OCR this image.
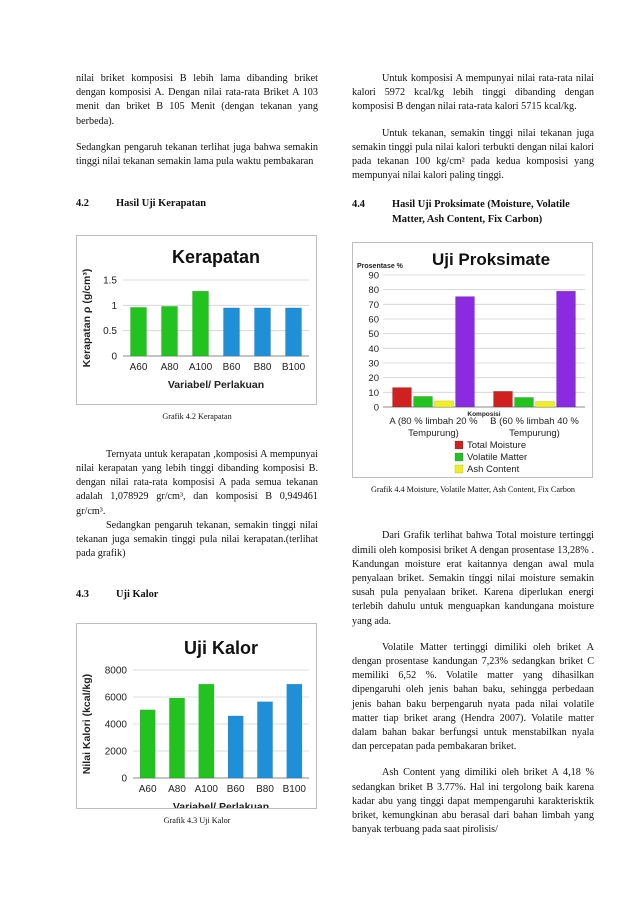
nilai briket komposisi B lebih lama dibanding briket dengan komposisi A. Dengan nilai rata-rata Briket A 103 menit dan briket B 105 Menit (dengan tekanan yang berbeda).

Sedangkan pengaruh tekanan terlihat juga bahwa semakin tinggi nilai tekanan semakin lama pula waktu pembakaran

4.2	Hasil Uji Kerapatan
Kerapatan
0
0.5
1
1.5
A60 A80 A100 B60 B80 B100
Variabel/ Perlakuan
Kerapatan ρ (g/cm³)
Grafik 4.2 Kerapatan

Ternyata untuk kerapatan ,komposisi A mempunyai nilai kerapatan yang lebih tinggi dibanding komposisi B. dengan nilai rata-rata komposisi A pada semua tekanan adalah 1,078929 gr/cm³, dan komposisi B 0,949461 gr/cm³.

Sedangkan pengaruh tekanan, semakin tinggi nilai tekanan juga semakin tinggi pula nilai kerapatan.(terlihat pada grafik)

4.3	Uji Kalor
Uji Kalor
0
2000
4000
6000
8000
A60 A80 A100 B60 B80 B100
Variabel/ Perlakuan
Nilai Kalori (kcal/kg)
Grafik 4.3 Uji Kalor

Untuk komposisi A mempunyai nilai rata-rata nilai kalori 5972 kcal/kg lebih tinggi dibanding dengan komposisi B dengan nilai rata-rata kalori 5715 kcal/kg.

Untuk tekanan, semakin tinggi nilai tekanan juga semakin tinggi pula nilai kalori terbukti dengan nilai kalori pada tekanan 100 kg/cm² pada kedua komposisi yang mempunyai nilai kalori paling tinggi.

4.4	Hasil Uji Proksimate (Moisture, Volatile Matter, Ash Content, Fix Carbon)
Uji Proksimate
Prosentase %
0
10
20
30
40
50
60
70
80
90
A (80 % limbah 20 %
Tempurung)
B (60 % limbah 40 %
Tempurung)
Komposisi
Total Moisture
Volatile Matter
Ash Content
Grafik 4.4 Moisture, Volatile Matter, Ash Content, Fix Carbon

Dari Grafik terlihat bahwa Total moisture tertinggi dimili oleh komposisi briket A dengan prosentase 13,28% . Kandungan moisture erat kaitannya dengan awal mula penyalaan briket. Semakin tinggi nilai moisture semakin susah pula penyalaan briket. Karena diperlukan energi terlebih dahulu untuk menguapkan kandungana moisture yang ada.

Volatile Matter tertinggi dimiliki oleh briket A dengan prosentase kandungan 7,23% sedangkan briket C memiliki 6,52 %. Volatile matter yang dihasilkan dipengaruhi oleh jenis bahan baku, sehingga perbedaan jenis bahan baku berpengaruh nyata pada nilai volatile matter tiap briket arang (Hendra 2007). Volatile matter dalam bahan bakar berfungsi untuk menstabilkan nyala dan percepatan pada pembakaran briket.

Ash Content yang dimiliki oleh briket A 4,18 % sedangkan briket B 3.77%. Hal ini tergolong baik karena kadar abu yang tinggi dapat mempengaruhi karakterisktik briket, kemungkinan abu berasal dari bahan limbah yang banyak terbuang pada saat pirolisis/
